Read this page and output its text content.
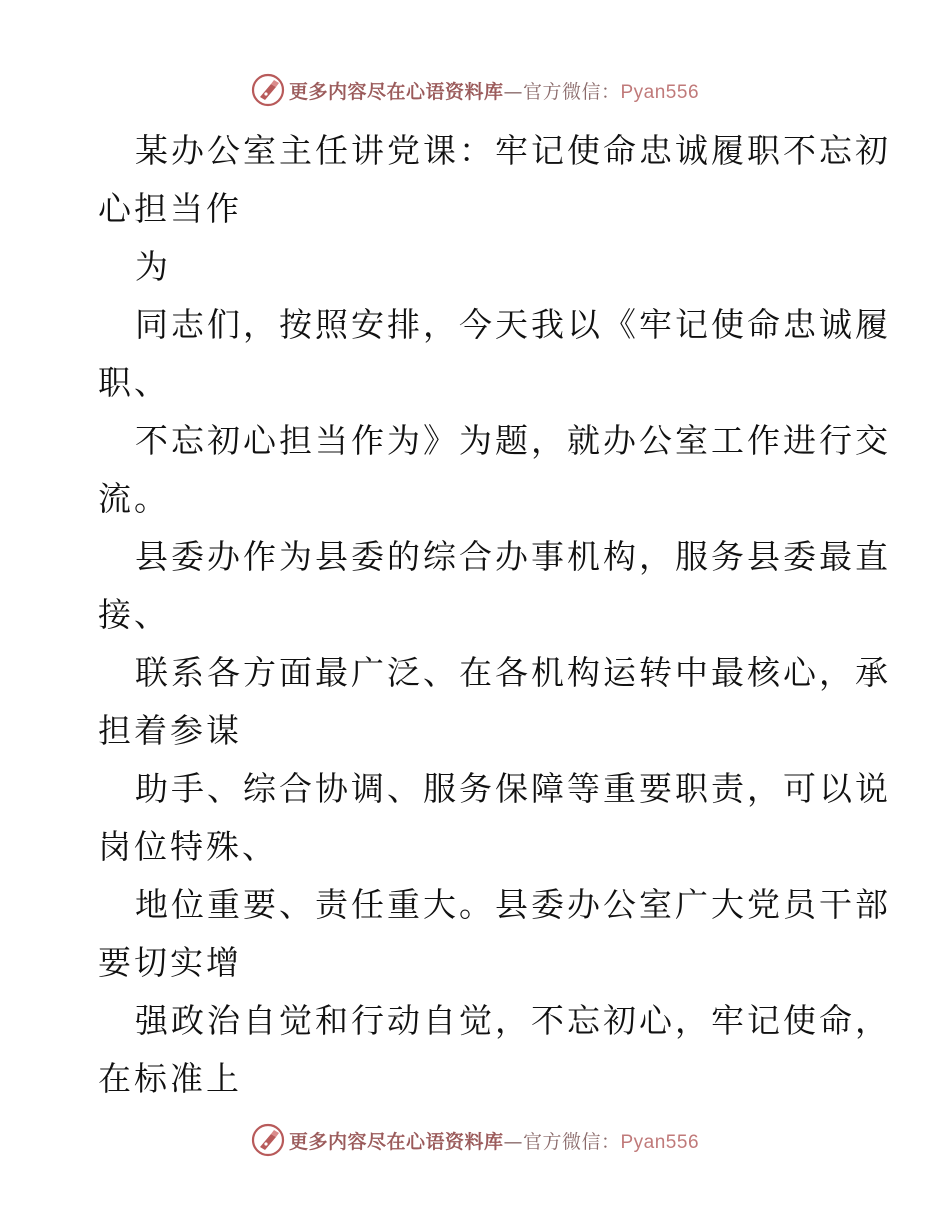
更多内容尽在心语资料库—官方微信：Pyan556
某办公室主任讲党课：牢记使命忠诚履职不忘初
心担当作
为
同志们，按照安排，今天我以《牢记使命忠诚履
职、
不忘初心担当作为》为题，就办公室工作进行交
流。
县委办作为县委的综合办事机构，服务县委最直
接、
联系各方面最广泛、在各机构运转中最核心，承
担着参谋
助手、综合协调、服务保障等重要职责，可以说
岗位特殊、
地位重要、责任重大。县委办公室广大党员干部
要切实增
强政治自觉和行动自觉，不忘初心，牢记使命，
在标准上
更多内容尽在心语资料库—官方微信：Pyan556
